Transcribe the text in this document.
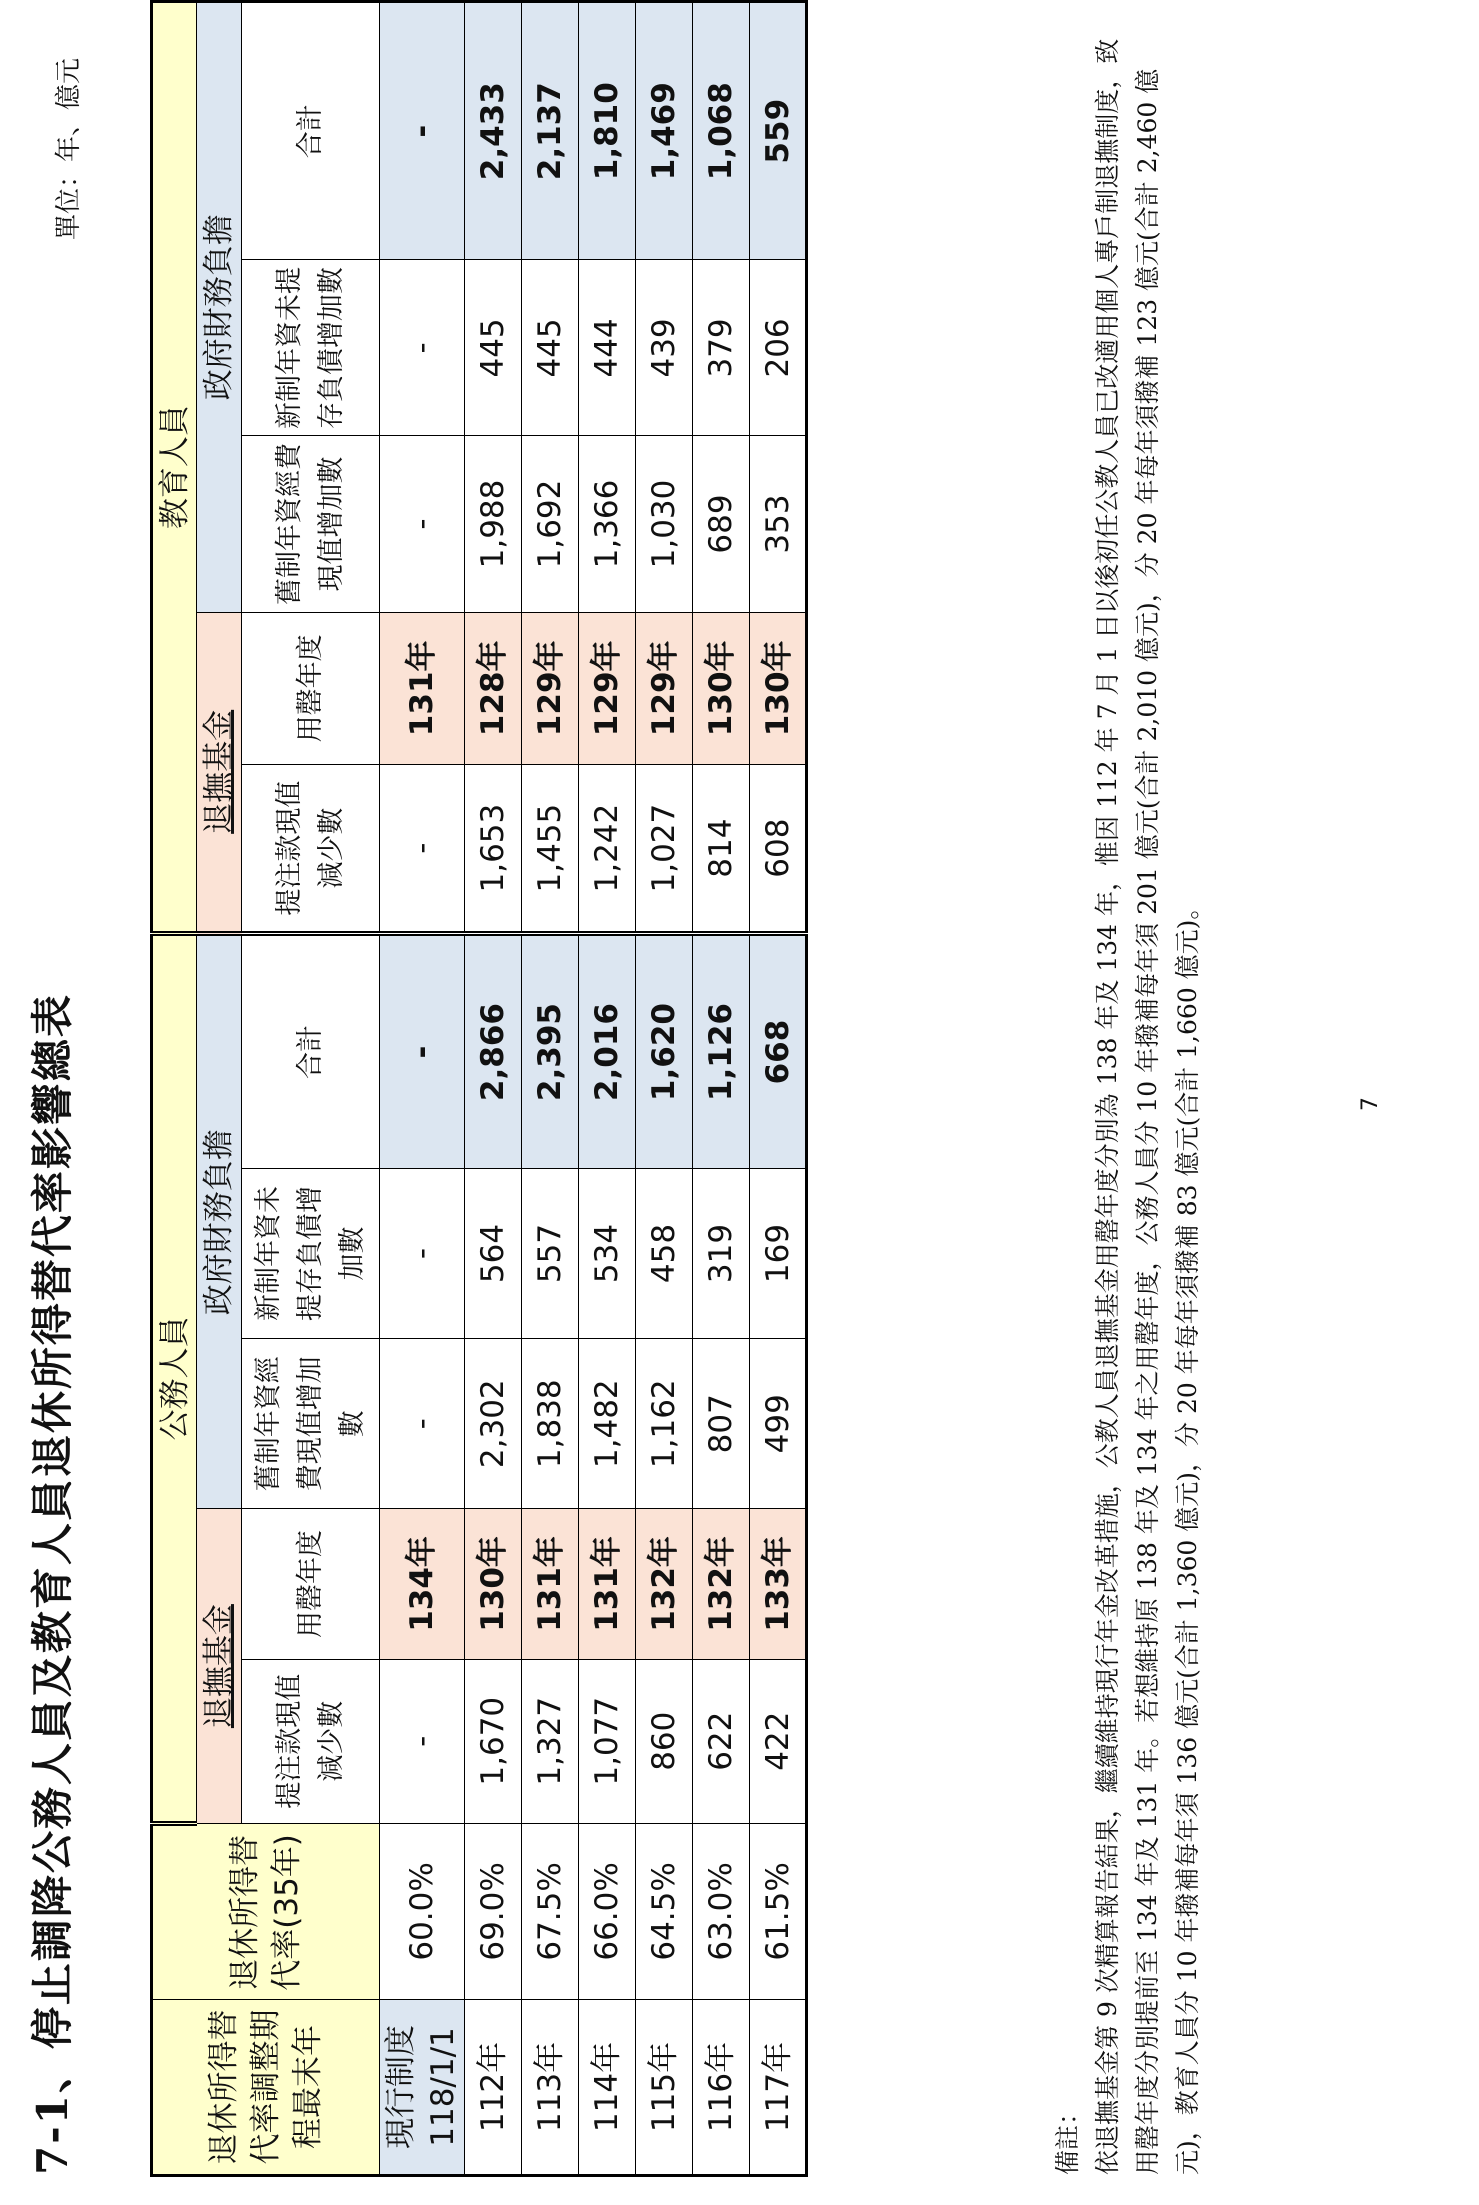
7-1、停止調降公務人員及教育人員退休所得替代率影響總表
單位：年、億元
退休所得替代率調整期程最末年	退休所得替代率(35年)	公務人員					教育人員				
		退撫基金		政府財務負擔			退撫基金		政府財務負擔		
		提注款現值減少數	用罄年度	舊制年資經費現值增加數	新制年資未提存負債增加數	合計	提注款現值減少數	用罄年度	舊制年資經費現值增加數	新制年資未提存負債增加數	合計
現行制度118/1/1	60.0%	-	134年	-	-	-	-	131年	-	-	-
112年	69.0%	1,670	130年	2,302	564	2,866	1,653	128年	1,988	445	2,433
113年	67.5%	1,327	131年	1,838	557	2,395	1,455	129年	1,692	445	2,137
114年	66.0%	1,077	131年	1,482	534	2,016	1,242	129年	1,366	444	1,810
115年	64.5%	860	132年	1,162	458	1,620	1,027	129年	1,030	439	1,469
116年	63.0%	622	132年	807	319	1,126	814	130年	689	379	1,068
117年	61.5%	422	133年	499	169	668	608	130年	353	206	559

備註： 依退撫基金第 9 次精算報告結果，繼續維持現行年金改革措施，公教人員退撫基金用罄年度分別為 138 年及 134 年，惟因 112 年 7 月 1 日以後初任公教人員已改適用個人專戶制退撫制度，致用罄年度分別提前至 134 年及 131 年。若想維持原 138 年及 134 年之用罄年度，公務人員分 10 年撥補每年須 201 億元(合計 2,010 億元)，分 20 年每年須撥補 123 億元(合計 2,460 億元)，教育人員分 10 年撥補每年須 136 億元(合計 1,360 億元)，分 20 年每年須撥補 83 億元(合計 1,660 億元)。	7
